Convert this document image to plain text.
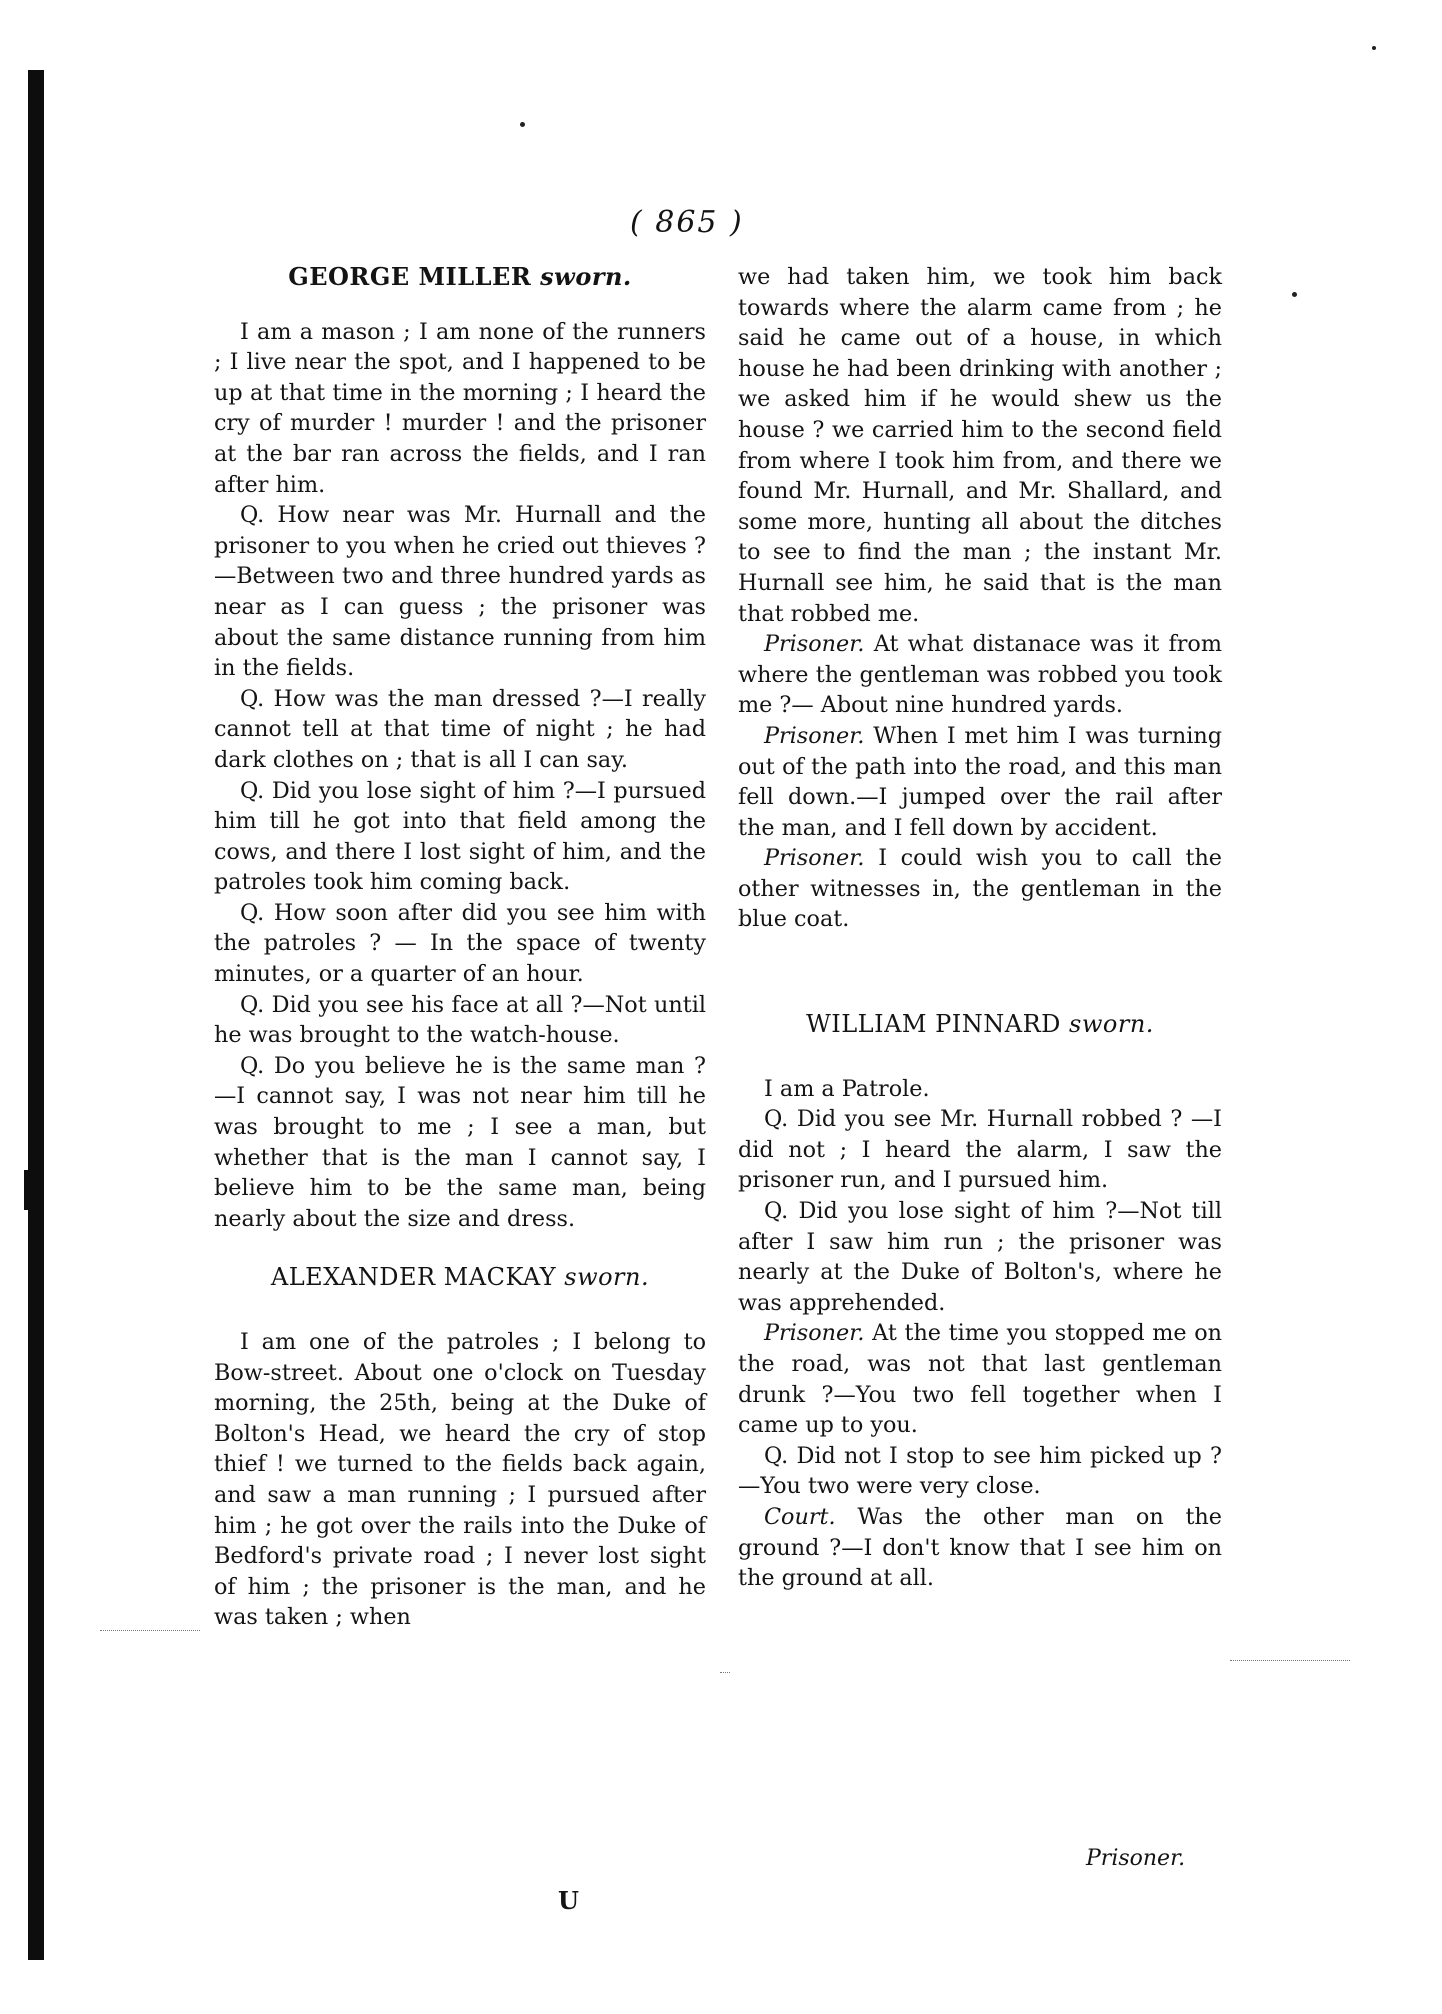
( 865 )

GEORGE MILLER sworn.

I am a mason ; I am none of the runners ; I live near the spot, and I happened to be up at that time in the morning ; I heard the cry of murder ! murder ! and the prisoner at the bar ran across the fields, and I ran after him.

Q. How near was Mr. Hurnall and the prisoner to you when he cried out thieves ?—Between two and three hundred yards as near as I can guess ; the prisoner was about the same distance running from him in the fields.

Q. How was the man dressed ?—I really cannot tell at that time of night ; he had dark clothes on ; that is all I can say.

Q. Did you lose sight of him ?—I pursued him till he got into that field among the cows, and there I lost sight of him, and the patroles took him coming back.

Q. How soon after did you see him with the patroles ? — In the space of twenty minutes, or a quarter of an hour.

Q. Did you see his face at all ?—Not until he was brought to the watch-house.

Q. Do you believe he is the same man ? —I cannot say, I was not near him till he was brought to me ; I see a man, but whether that is the man I cannot say, I believe him to be the same man, being nearly about the size and dress.

ALEXANDER MACKAY sworn.

I am one of the patroles ; I belong to Bow-street. About one o'clock on Tuesday morning, the 25th, being at the Duke of Bolton's Head, we heard the cry of stop thief ! we turned to the fields back again, and saw a man running ; I pursued after him ; he got over the rails into the Duke of Bedford's private road ; I never lost sight of him ; the prisoner is the man, and he was taken ; when

we had taken him, we took him back towards where the alarm came from ; he said he came out of a house, in which house he had been drinking with another ; we asked him if he would shew us the house ? we carried him to the second field from where I took him from, and there we found Mr. Hurnall, and Mr. Shallard, and some more, hunting all about the ditches to see to find the man ; the instant Mr. Hurnall see him, he said that is the man that robbed me.

Prisoner. At what distanace was it from where the gentleman was robbed you took me ?— About nine hundred yards.

Prisoner. When I met him I was turning out of the path into the road, and this man fell down.—I jumped over the rail after the man, and I fell down by accident.

Prisoner. I could wish you to call the other witnesses in, the gentleman in the blue coat.

WILLIAM PINNARD sworn.

I am a Patrole.

Q. Did you see Mr. Hurnall robbed ? —I did not ; I heard the alarm, I saw the prisoner run, and I pursued him.

Q. Did you lose sight of him ?—Not till after I saw him run ; the prisoner was nearly at the Duke of Bolton's, where he was apprehended.

Prisoner. At the time you stopped me on the road, was not that last gentleman drunk ?—You two fell together when I came up to you.

Q. Did not I stop to see him picked up ?—You two were very close.

Court. Was the other man on the ground ?—I don't know that I see him on the ground at all.

Prisoner.
U
